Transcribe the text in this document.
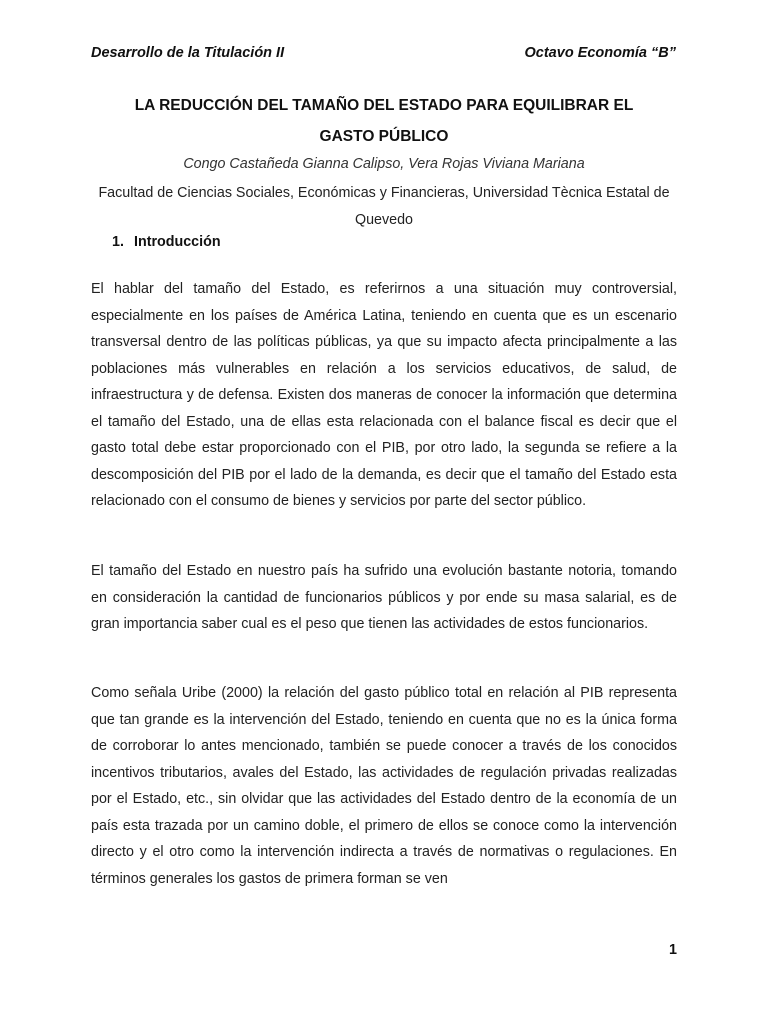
Desarrollo de la Titulación II	Octavo Economía “B”
LA REDUCCIÓN DEL TAMAÑO DEL ESTADO PARA EQUILIBRAR EL
GASTO PÚBLICO
Congo Castañeda Gianna Calipso, Vera Rojas Viviana Mariana
Facultad de Ciencias Sociales, Económicas y Financieras, Universidad Tècnica Estatal de Quevedo
1. Introducción

El hablar del tamaño del Estado, es referirnos a una situación muy controversial, especialmente en los países de América Latina, teniendo en cuenta que es un escenario transversal dentro de las políticas públicas, ya que su impacto afecta principalmente a las poblaciones más vulnerables en relación a los servicios educativos, de salud, de infraestructura y de defensa. Existen dos maneras de conocer la información que determina el tamaño del Estado, una de ellas esta relacionada con el balance fiscal es decir que el gasto total debe estar proporcionado con el PIB, por otro lado, la segunda se refiere a la descomposición del PIB por el lado de la demanda, es decir que el tamaño del Estado esta relacionado con el consumo de bienes y servicios por parte del sector público.

El tamaño del Estado en nuestro país ha sufrido una evolución bastante notoria, tomando en consideración la cantidad de funcionarios públicos y por ende su masa salarial, es de gran importancia saber cual es el peso que tienen las actividades de estos funcionarios.

Como señala Uribe (2000) la relación del gasto público total en relación al PIB representa que tan grande es la intervención del Estado, teniendo en cuenta que no es la única forma de corroborar lo antes mencionado, también se puede conocer a través de los conocidos incentivos tributarios, avales del Estado, las actividades de regulación privadas realizadas por el Estado, etc., sin olvidar que las actividades del Estado dentro de la economía de un país esta trazada por un camino doble, el primero de ellos se conoce como la intervención directo y el otro como la intervención indirecta a través de normativas o regulaciones. En términos generales los gastos de primera forman se ven

1
